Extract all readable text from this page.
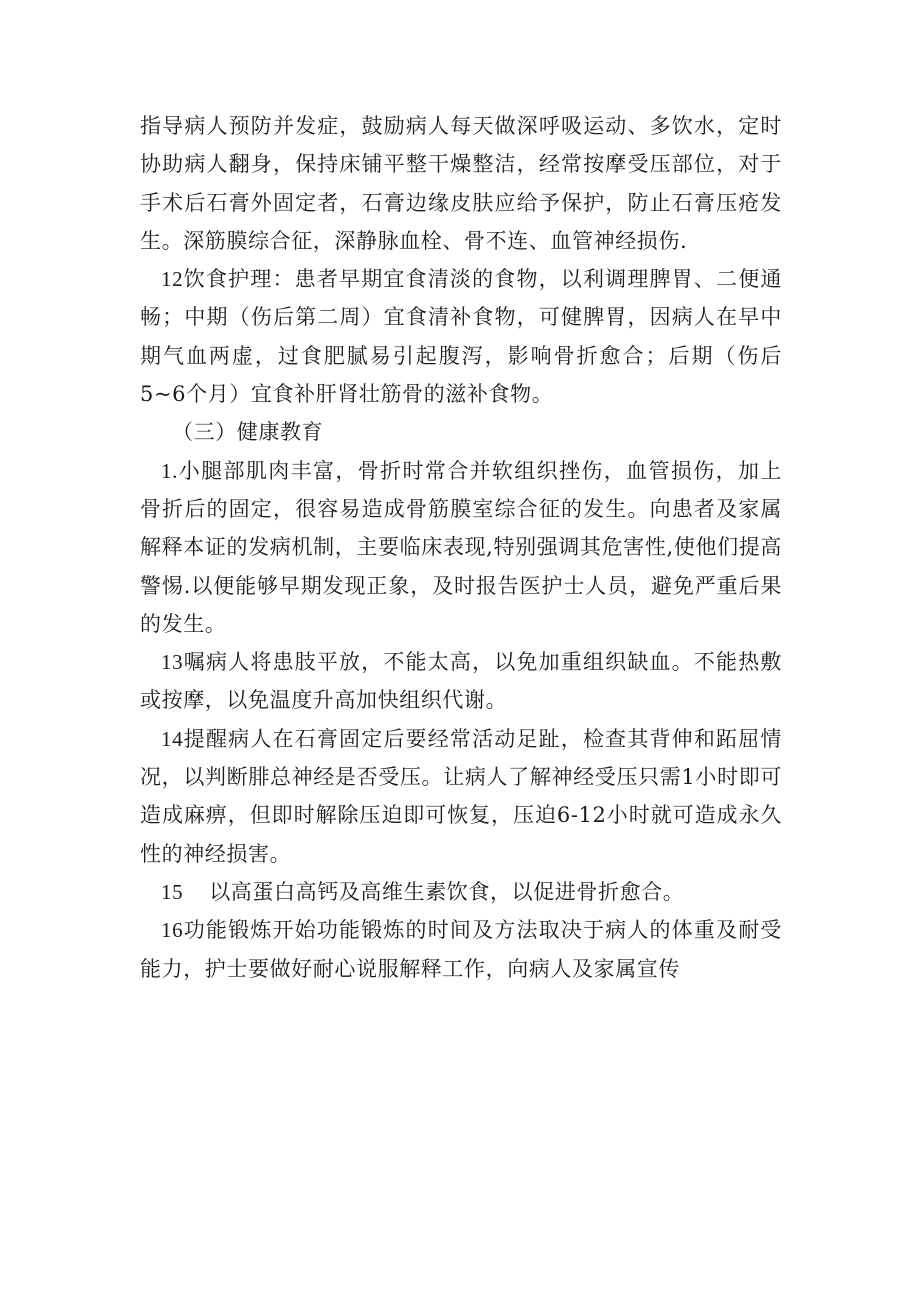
指导病人预防并发症，鼓励病人每天做深呼吸运动、多饮水，定时协助病人翻身，保持床铺平整干燥整洁，经常按摩受压部位，对于手术后石膏外固定者，石膏边缘皮肤应给予保护，防止石膏压疮发生。深筋膜综合征，深静脉血栓、骨不连、血管神经损伤.

12饮食护理：患者早期宜食清淡的食物，以利调理脾胃、二便通畅；中期（伤后第二周）宜食清补食物，可健脾胃，因病人在早中期气血两虚，过食肥腻易引起腹泻，影响骨折愈合；后期（伤后5~6个月）宜食补肝肾壮筋骨的滋补食物。

（三）健康教育

1.小腿部肌肉丰富，骨折时常合并软组织挫伤，血管损伤，加上骨折后的固定，很容易造成骨筋膜室综合征的发生。向患者及家属解释本证的发病机制，主要临床表现,特别强调其危害性,使他们提高警惕.以便能够早期发现正象，及时报告医护士人员，避免严重后果的发生。

13嘱病人将患肢平放，不能太高，以免加重组织缺血。不能热敷或按摩，以免温度升高加快组织代谢。

14提醒病人在石膏固定后要经常活动足趾，检查其背伸和跖屈情况，以判断腓总神经是否受压。让病人了解神经受压只需1小时即可造成麻痹，但即时解除压迫即可恢复，压迫6-12小时就可造成永久性的神经损害。

15 以高蛋白高钙及高维生素饮食，以促进骨折愈合。

16功能锻炼开始功能锻炼的时间及方法取决于病人的体重及耐受能力，护士要做好耐心说服解释工作，向病人及家属宣传
